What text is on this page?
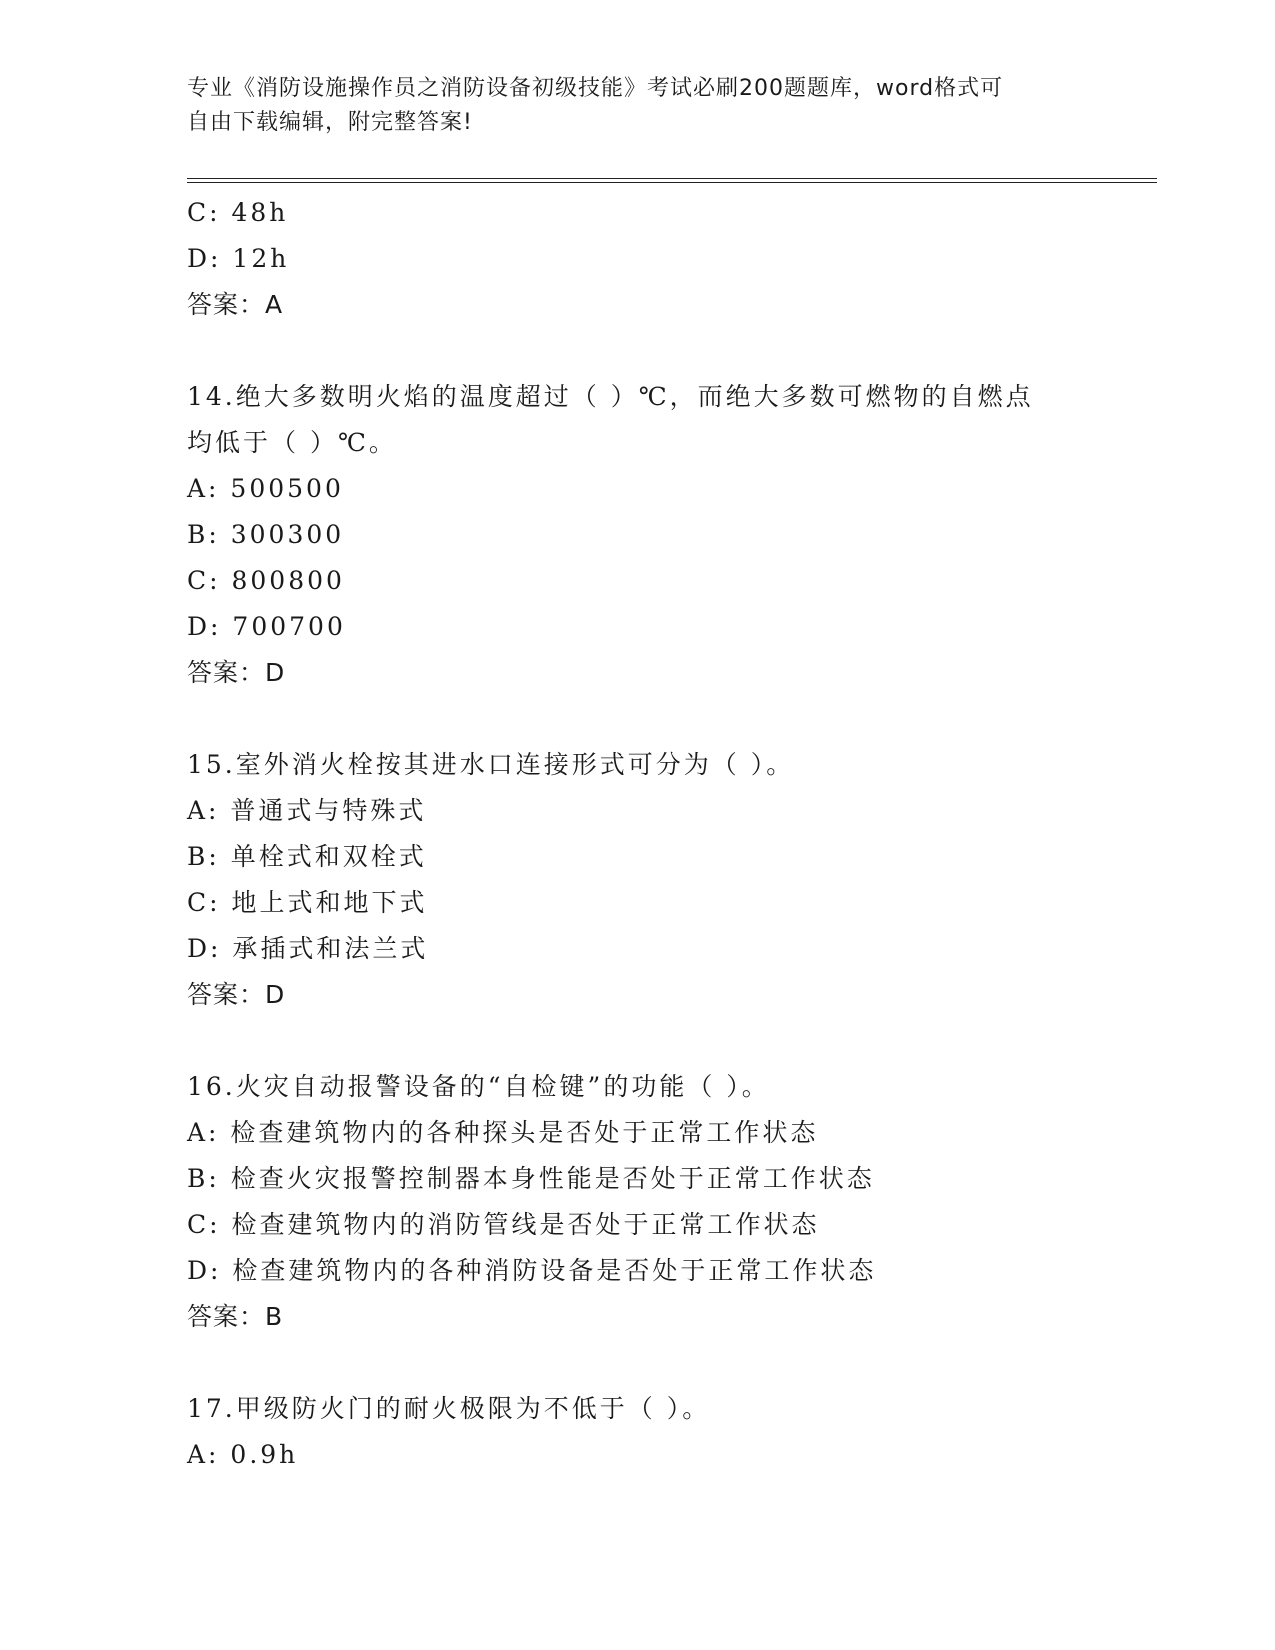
专业《消防设施操作员之消防设备初级技能》考试必刷200题题库，word格式可
自由下载编辑，附完整答案!
C: 48h
D: 12h
答案：A
14.绝大多数明火焰的温度超过（ ）℃，而绝大多数可燃物的自燃点
均低于（ ）℃。
A: 500500
B: 300300
C: 800800
D: 700700
答案：D
15.室外消火栓按其进水口连接形式可分为（ ）。
A: 普通式与特殊式
B: 单栓式和双栓式
C: 地上式和地下式
D: 承插式和法兰式
答案：D
16.火灾自动报警设备的“自检键”的功能（ ）。
A: 检查建筑物内的各种探头是否处于正常工作状态
B: 检查火灾报警控制器本身性能是否处于正常工作状态
C: 检查建筑物内的消防管线是否处于正常工作状态
D: 检查建筑物内的各种消防设备是否处于正常工作状态
答案：B
17.甲级防火门的耐火极限为不低于（ ）。
A: 0.9h
